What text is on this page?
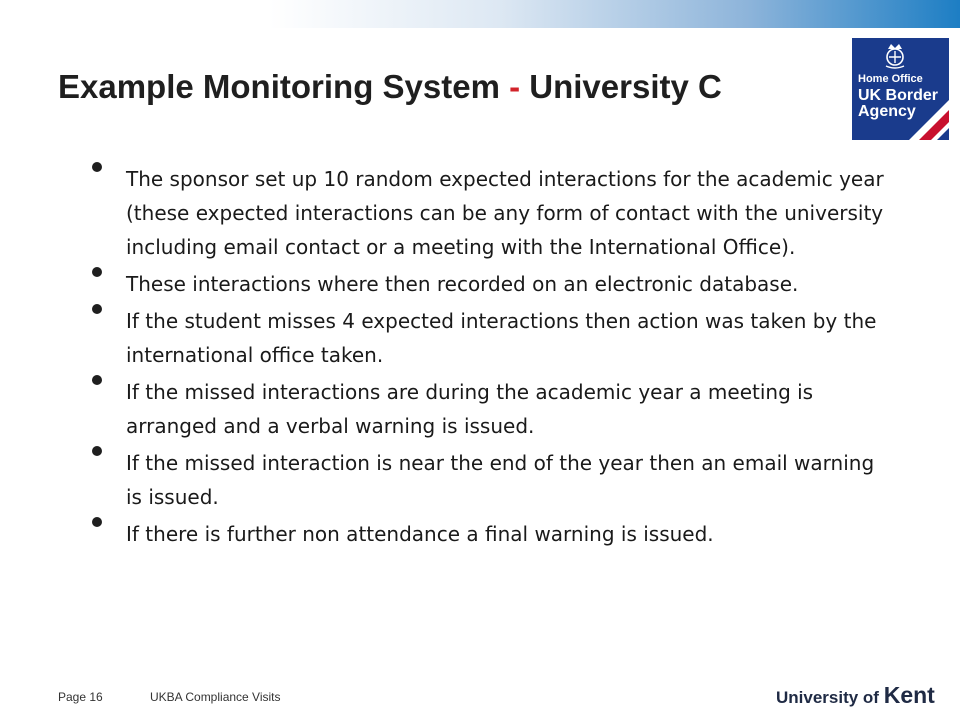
Example Monitoring System - University C	Home Office
UK Border Agency
The sponsor set up 10 random expected interactions for the academic year (these expected interactions can be any form of contact with the university including email contact or a meeting with the International Office).
These interactions where then recorded on an electronic database.
If the student misses 4 expected interactions then action was taken by the international office taken.
If the missed interactions are during the academic year a meeting is arranged and a verbal warning is issued.
If the missed interaction is near the end of the year then an email warning is issued.
If there is further non attendance a final warning is issued.
Page 16	UKBA Compliance Visits	University of Kent
